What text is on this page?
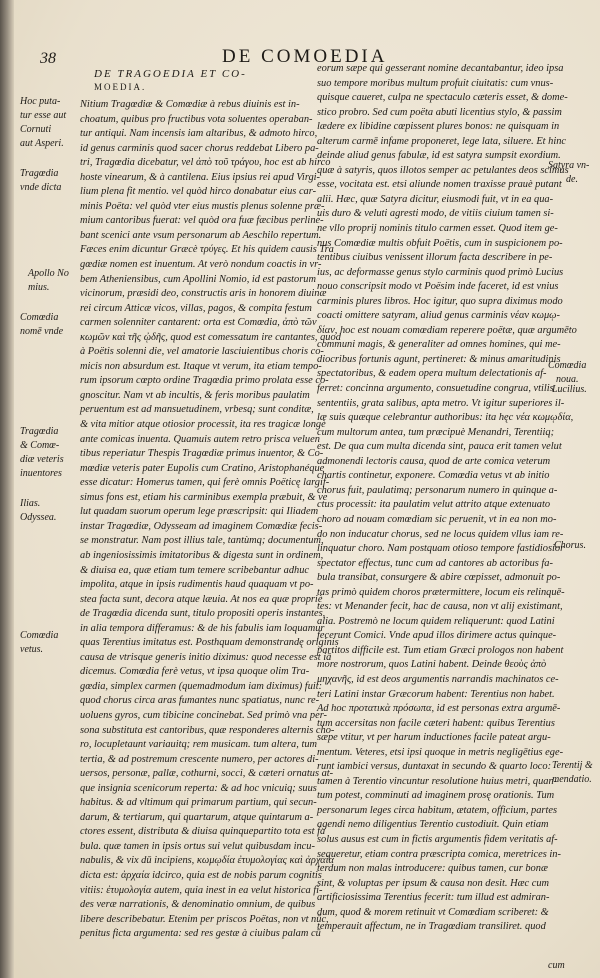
38	DE COMOEDIA
DE TRAGOEDIA ET CO-
MOEDIA.
Nitium Tragœdiæ & Comœdiæ à rebus diuinis est in-
choatum, quibus pro fructibus vota soluentes operaban-
tur antiqui. Nam incensis iam altaribus, & admoto hirco,
id genus carminis quod sacer chorus reddebat Libero pa-
tri, Tragœdia dicebatur, vel ἀπὸ τοῦ τράγου, hoc est ab hirco
hoste vinearum, & à cantilena. Eius ipsius rei apud Virgi-
lium plena fit mentio. vel quòd hirco donabatur eius car-
minis Poëta: vel quòd vter eius mustis plenus solenne præ-
mium cantoribus fuerat: vel quòd ora fuæ fæcibus perline-
bant scenici ante vsum personarum ab Aeschilo repertum.
Fæces enim dicuntur Græcè τρύγες. Et his quidem causis Tra
gœdiæ nomen est inuentum. At verò nondum coactis in vr-
bem Atheniensibus, cum Apollini Nomio, id est pastorum
vicinorum, præsidi deo, constructis aris in honorem diuinæ
rei circum Atticæ vicos, villas, pagos, & compita festum
carmen solenniter cantarent: orta est Comœdia, ἀπὸ τῶν
κωμῶν καὶ τῆς ᾠδῆς, quod est comessatum ire cantantes, quod
à Poëtis solenni die, vel amatorie lasciuientibus choris co-
micis non absurdum est. Itaque vt verum, ita etiam tempo-
rum ipsorum cœpto ordine Tragœdia primo prolata esse co-
gnoscitur. Nam vt ab incultis, & feris moribus paulatim
peruentum est ad mansuetudinem, vrbesq; sunt conditæ,
& vita mitior atque otiosior processit, ita res tragicæ longè
ante comicas inuenta. Quamuis autem retro prisca veluen
tibus reperiatur Thespis Tragœdiæ primus inuentor, & Co-
mœdiæ veteris pater Eupolis cum Cratino, Aristophanéque
esse dicatur: Homerus tamen, qui ferè omnis Poëticę largif-
simus fons est, etiam his carminibus exempla præbuit, & ve
lut quadam suorum operum lege præscripsit: qui Iliadem
instar Tragœdiæ, Odysseam ad imaginem Comœdiæ fecis-
se monstratur. Nam post illius tale, tantùmq; documentum,
ab ingeniosissimis imitatoribus & digesta sunt in ordinem,
& diuisa ea, quæ etiam tum temere scribebantur adhuc
impolita, atque in ipsis rudimentis haud quaquam vt po-
stea facta sunt, decora atque læuia. At nos ea quæ propriè
de Tragœdia dicenda sunt, titulo propositi operis instantes,
in alia tempora differamus: & de his fabulis iam loquamur
quas Terentius imitatus est. Posthquam demonstrandę originis
causa de vtrisque generis initio diximus: quod necesse est iā
dicemus. Comœdia ferè vetus, vt ipsa quoque olim Tra-
gœdia, simplex carmen (quemadmodum iam diximus) fuit:
quod chorus circa aras fumantes nunc spatiatus, nunc re-
uoluens gyros, cum tibicine concinebat. Sed primò vna per-
sona substituta est cantoribus, quæ responderes alternis cho-
ro, locupletaunt variauitq; rem musicam. tum altera, tum
tertia, & ad postremum crescente numero, per actores di-
uersos, personæ, pallæ, cothurni, socci, & cæteri ornatus at-
que insignia scenicorum reperta: & ad hoc vnicuiq; suus
habitus. & ad vltimum qui primarum partium, qui secun-
darum, & tertiarum, qui quartarum, atque quintarum a-
ctores essent, distributa & diuisa quinquepartito tota est fa
bula. quæ tamen in ipsis ortus sui velut quibusdam incu-
nabulis, & vix dū incipiens, κωμῳδία ἐτυμολογίας καὶ ἀρχαία
dicta est: ἀρχαία idcirco, quia est de nobis parum cognitis
vitiis: ἐτυμολογία autem, quia inest in ea velut historica fi-
des veræ narrationis, & denominatio omnium, de quibus
libere describebatur. Etenim per priscos Poëtas, non vt nūc,
penitus ficta argumenta: sed res gestæ à ciuibus palam cū
eorum sæpe qui gesserant nomine decantabantur, ideo ipsa
suo tempore moribus multum profuit ciuitatis: cum vnus-
quisque caueret, culpa ne spectaculo cæteris esset, & dome-
stico probro. Sed cum poëta abuti licentius stylo, & passim
lædere ex libidine cœpissent plures bonos: ne quisquam in
alterum carmē infame proponeret, lege lata, siluere. Et hinc
deinde aliud genus fabulæ, id est satyra sumpsit exordium.
quæ à satyris, quos illotos semper ac petulantes deos scimus
esse, vocitata est. etsi aliunde nomen traxisse prauè putant
alii. Hæc, quæ Satyra dicitur, eiusmodi fuit, vt in ea qua-
uis duro & veluti agresti modo, de vitiis ciuium tamen si-
ne vllo proprij nominis titulo carmen esset. Quod item ge-
nus Comœdiæ multis obfuit Poëtis, cum in suspicionem po-
tentibus ciuibus venissent illorum facta describere in pe-
ius, ac deformasse genus stylo carminis quod primò Lucius
nouo conscripsit modo vt Poësim inde faceret, id est vnius
carminis plures libros. Hoc igitur, quo supra diximus modo
coacti omittere satyram, aliud genus carminis νέαν κωμῳ-
δίαν, hoc est nouam comœdiam reperere poëtæ, quæ argumēto
communi magis, & generaliter ad omnes homines, qui me-
diocribus fortunis agunt, pertineret: & minus amaritudinis
spectatoribus, & eadem opera multum delectationis af-
ferret: concinna argumento, consuetudine congrua, vtilis
sententiis, grata salibus, apta metro. Vt igitur superiores il-
læ suis quæque celebrantur authoribus: ita hęc νέα κωμῳδία,
cum multorum antea, tum præcipuè Menandri, Terentiiq;
est. De qua cum multa dicenda sint, pauca erit tamen velut
admonendi lectoris causa, quod de arte comica veterum
chartis continetur, exponere. Comœdia vetus vt ab initio
chorus fuit, paulatimq; personarum numero in quinque a-
ctus processit: ita paulatim velut attrito atque extenuato
choro ad nouam comœdiam sic peruenit, vt in ea non mo-
do non inducatur chorus, sed ne locus quidem vllus iam re-
linquatur choro. Nam postquam otioso tempore fastidiosior
spectator effectus, tunc cum ad cantores ab actoribus fa-
bula transibat, consurgere & abire cœpisset, admonuit po-
tas primò quidem choros prætermittere, locum eis relinquē-
tes: vt Menander fecit, hac de causa, non vt alij existimant,
alia. Postremò ne locum quidem reliquerunt: quod Latini
fecerunt Comici. Vnde apud illos dirimere actus quinque-
partitos difficile est. Tum etiam Græci prologos non habent
more nostrorum, quos Latini habent. Deinde θεοὺς ἀπὸ
μηχανῆς, id est deos argumentis narrandis machinatos ce-
teri Latini instar Græcorum habent: Terentius non habet.
Ad hoc προτατικὰ πρόσωπα, id est personas extra argumē-
tum accersitas non facile cæteri habent: quibus Terentius
sæpe vtitur, vt per harum inductiones facile pateat argu-
mentum. Veteres, etsi ipsi quoque in metris negligētius ege-
runt iambici versus, duntaxat in secundo & quarto loco:
tamen à Terentio vincuntur resolutione huius metri, quan-
tum potest, comminuti ad imaginem prosę orationis. Tum
personarum leges circa habitum, ætatem, officium, partes
agendi nemo diligentius Terentio custodiuit. Quin etiam
solus ausus est cum in fictis argumentis fidem veritatis af-
sequeretur, etiam contra præscripta comica, meretrices in-
terdum non malas introducere: quibus tamen, cur bonæ
sint, & voluptas per ipsum & causa non desit. Hæc cum
artificiosissima Terentius fecerit: tum illud est admiran-
dum, quod & morem retinuit vt Comœdiam scriberet: &
temperauit affectum, ne in Tragœdiam transiliret. quod
Hoc puta-
tur esse aut
Cornuti
aut Asperi.
Tragœdia
vnde dicta
Apollo No
mius.
Comœdia
nomē vnde
Tragœdia
& Comœ-
diæ veteris
inuentores
Ilias.
Odyssea.
Comœdia
vetus.
Satyra vn-
de.
Comœdia
noua.
Lucilius.
Chorus.
Terentij &
mendatio.
cum
